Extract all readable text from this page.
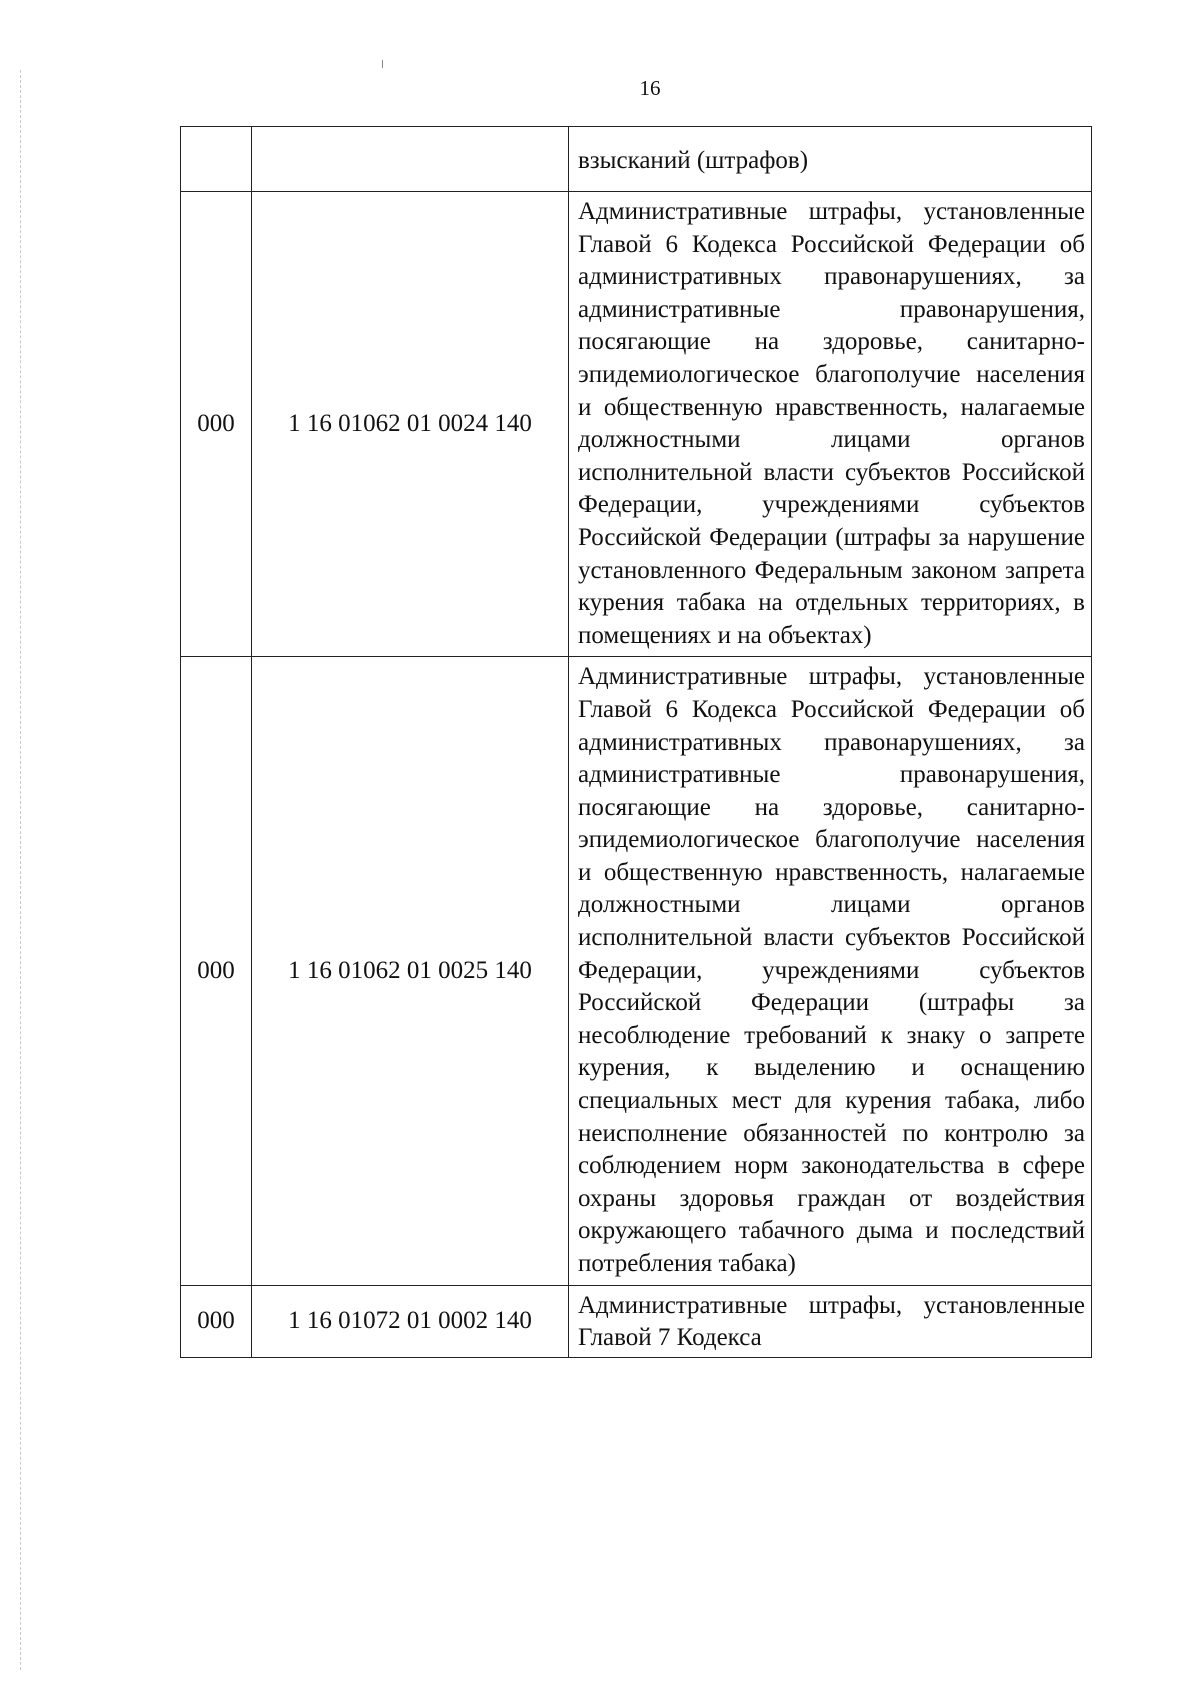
16
		взысканий (штрафов)
000	1 16 01062 01 0024 140	Административные штрафы, установленные Главой 6 Кодекса Российской Федерации об административных правонарушениях, за административные правонарушения, посягающие на здоровье, санитарно-эпидемиологическое благополучие населения и общественную нравственность, налагаемые должностными лицами органов исполнительной власти субъектов Российской Федерации, учреждениями субъектов Российской Федерации (штрафы за нарушение установленного Федеральным законом запрета курения табака на отдельных территориях, в помещениях и на объектах)
000	1 16 01062 01 0025 140	Административные штрафы, установленные Главой 6 Кодекса Российской Федерации об административных правонарушениях, за административные правонарушения, посягающие на здоровье, санитарно-эпидемиологическое благополучие населения и общественную нравственность, налагаемые должностными лицами органов исполнительной власти субъектов Российской Федерации, учреждениями субъектов Российской Федерации (штрафы за несоблюдение требований к знаку о запрете курения, к выделению и оснащению специальных мест для курения табака, либо неисполнение обязанностей по контролю за соблюдением норм законодательства в сфере охраны здоровья граждан от воздействия окружающего табачного дыма и последствий потребления табака)
000	1 16 01072 01 0002 140	Административные штрафы, установленные Главой 7 Кодекса
